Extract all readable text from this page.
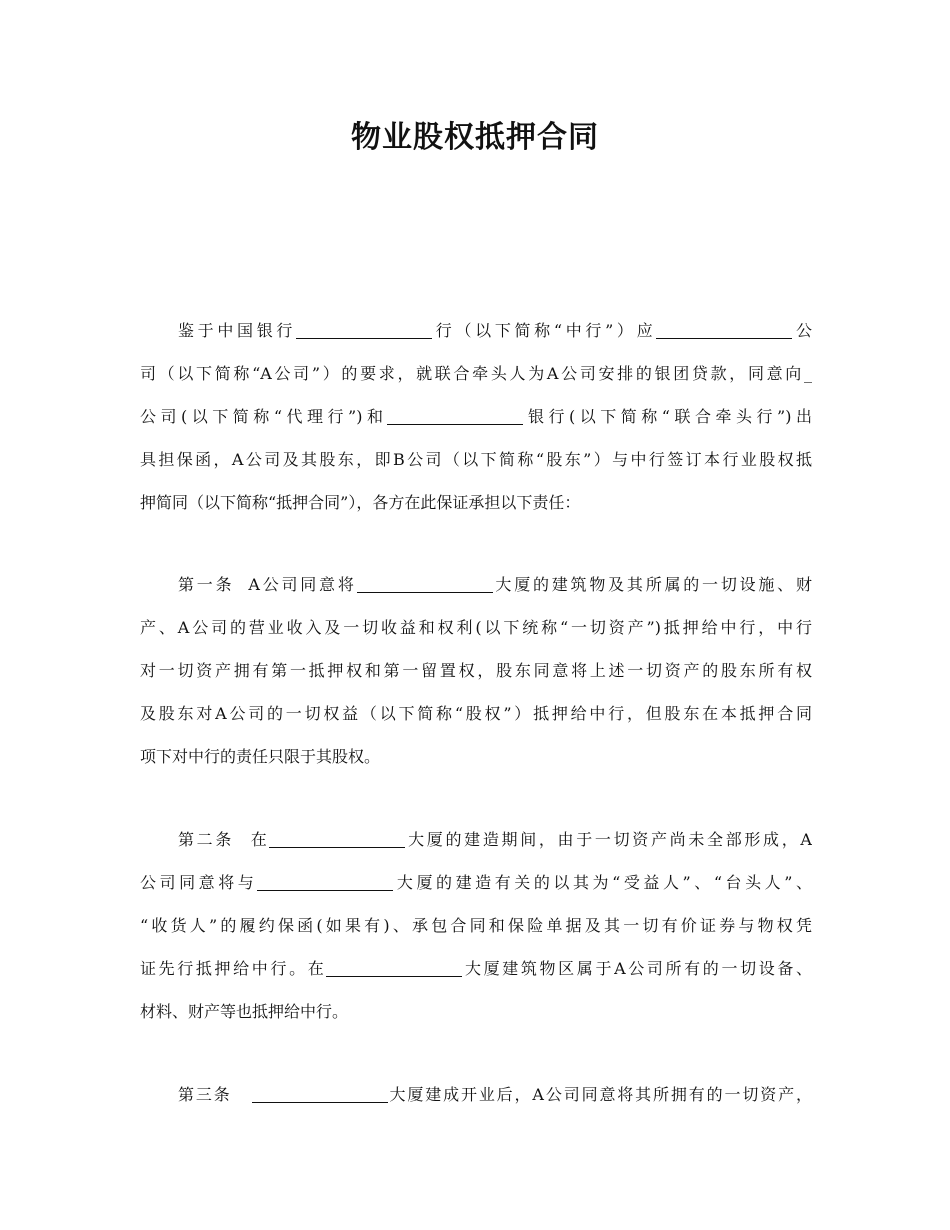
物业股权抵押合同
鉴于中国银行	行（以下简称“中行”）应	公
司（以下简称“A公司”）的要求，就联合牵头人为A公司安排的银团贷款，同意向_
公司(以下简称“代理行”)和	银行(以下简称“联合牵头行”)出
具担保函，A公司及其股东，即B公司（以下简称“股东”）与中行签订本行业股权抵
押简同（以下简称“抵押合同”），各方在此保证承担以下责任：
第一条 A公司同意将	大厦的建筑物及其所属的一切设施、财
产、A公司的营业收入及一切收益和权利(以下统称“一切资产”)抵押给中行，中行
对一切资产拥有第一抵押权和第一留置权，股东同意将上述一切资产的股东所有权
及股东对A公司的一切权益（以下简称“股权”）抵押给中行，但股东在本抵押合同
项下对中行的责任只限于其股权。
第二条 在	大厦的建造期间，由于一切资产尚未全部形成，A
公司同意将与	大厦的建造有关的以其为“受益人”、“台头人”、
“收货人”的履约保函(如果有)、承包合同和保险单据及其一切有价证券与物权凭
证先行抵押给中行。在	大厦建筑物区属于A公司所有的一切设备、
材料、财产等也抵押给中行。
第三条	大厦建成开业后，A公司同意将其所拥有的一切资产，
